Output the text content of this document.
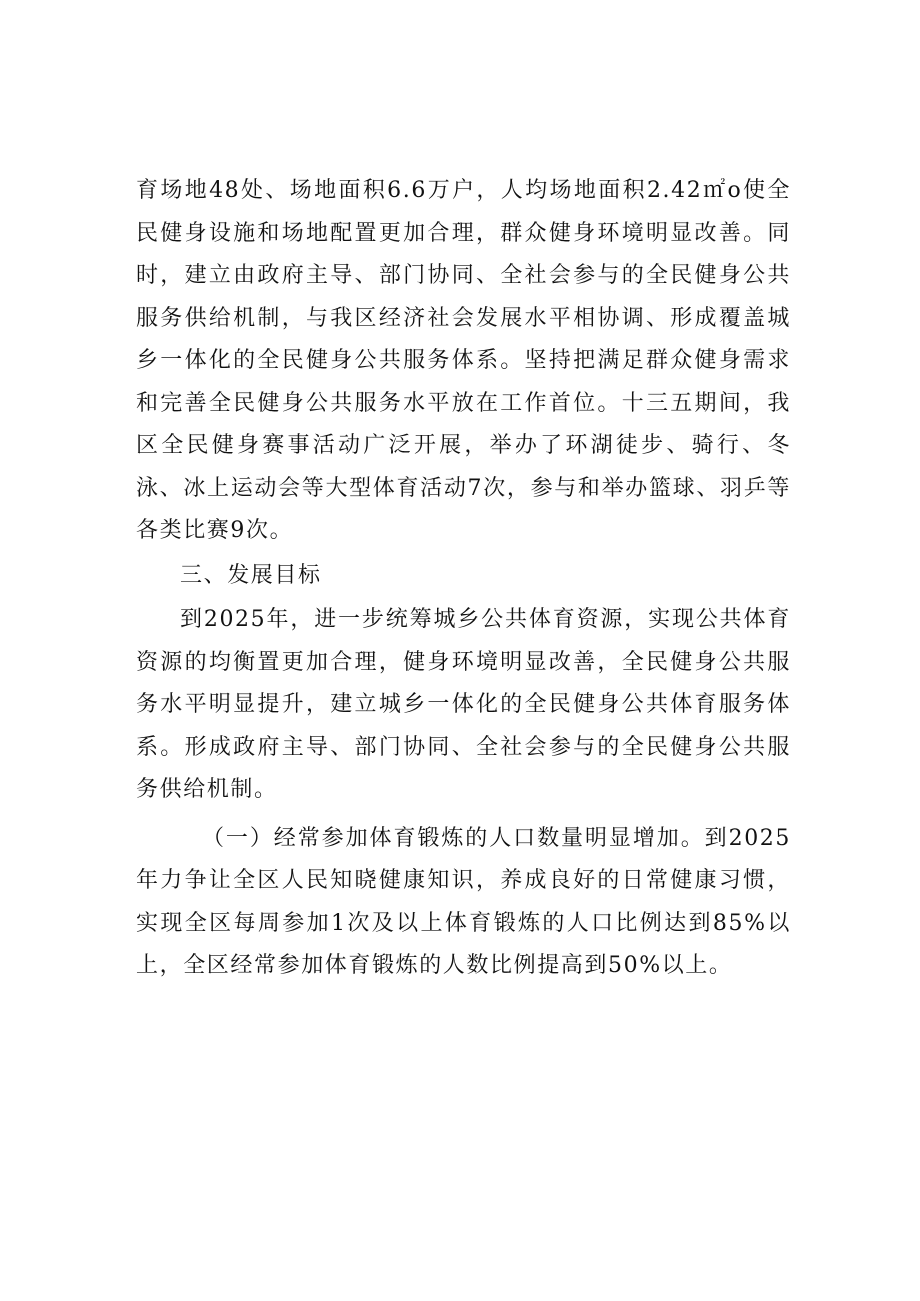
育场地48处、场地面积6.6万户，人均场地面积2.42㎡o使全民健身设施和场地配置更加合理，群众健身环境明显改善。同时，建立由政府主导、部门协同、全社会参与的全民健身公共服务供给机制，与我区经济社会发展水平相协调、形成覆盖城乡一体化的全民健身公共服务体系。坚持把满足群众健身需求和完善全民健身公共服务水平放在工作首位。十三五期间，我区全民健身赛事活动广泛开展，举办了环湖徒步、骑行、冬泳、冰上运动会等大型体育活动7次，参与和举办篮球、羽乒等各类比赛9次。

三、发展目标

到2025年，进一步统筹城乡公共体育资源，实现公共体育资源的均衡置更加合理，健身环境明显改善，全民健身公共服务水平明显提升，建立城乡一体化的全民健身公共体育服务体系。形成政府主导、部门协同、全社会参与的全民健身公共服务供给机制。

（一）经常参加体育锻炼的人口数量明显增加。到2025年力争让全区人民知晓健康知识，养成良好的日常健康习惯，实现全区每周参加1次及以上体育锻炼的人口比例达到85%以上，全区经常参加体育锻炼的人数比例提高到50%以上。
